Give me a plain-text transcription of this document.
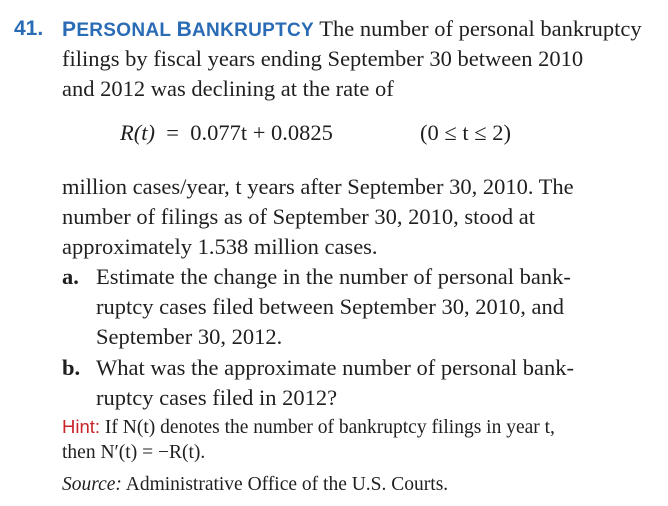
41. PERSONAL BANKRUPTCY The number of personal bankruptcy
filings by fiscal years ending September 30 between 2010
and 2012 was declining at the rate of
R(t) = 0.077t + 0.0825	(0 ≤ t ≤ 2)
million cases/year, t years after September 30, 2010. The
number of filings as of September 30, 2010, stood at
approximately 1.538 million cases.
a. Estimate the change in the number of personal bank-
ruptcy cases filed between September 30, 2010, and
September 30, 2012.
b. What was the approximate number of personal bank-
ruptcy cases filed in 2012?
Hint: If N(t) denotes the number of bankruptcy filings in year t,
then N′(t) = −R(t).
Source: Administrative Office of the U.S. Courts.
